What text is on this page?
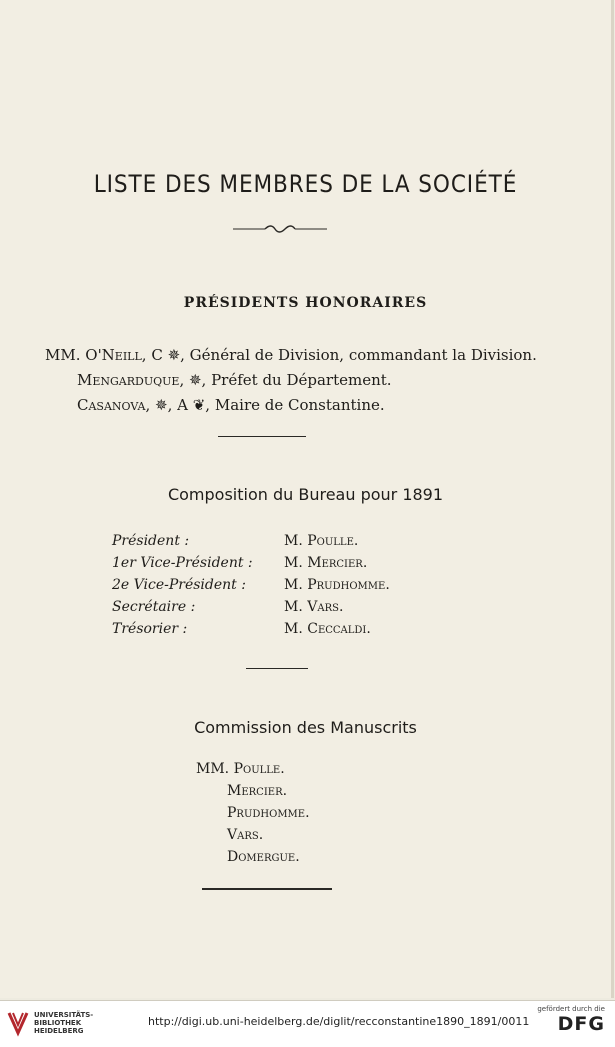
LISTE DES MEMBRES DE LA SOCIÉTÉ
PRÉSIDENTS HONORAIRES
MM. O'Neill, C ✵, Général de Division, commandant la Division.
Mengarduque, ✵, Préfet du Département.
Casanova, ✵, A ❦, Maire de Constantine.
Composition du Bureau pour 1891
Président :	M. Poulle.
1er Vice-Président :	M. Mercier.
2e Vice-Président :	M. Prudhomme.
Secrétaire :	M. Vars.
Trésorier :	M. Ceccaldi.
Commission des Manuscrits
MM. Poulle.
Mercier.
Prudhomme.
Vars.
Domergue.
UNIVERSITÄTS-
BIBLIOTHEK
HEIDELBERG
http://digi.ub.uni-heidelberg.de/diglit/recconstantine1890_1891/0011
gefördert durch die
DFG
